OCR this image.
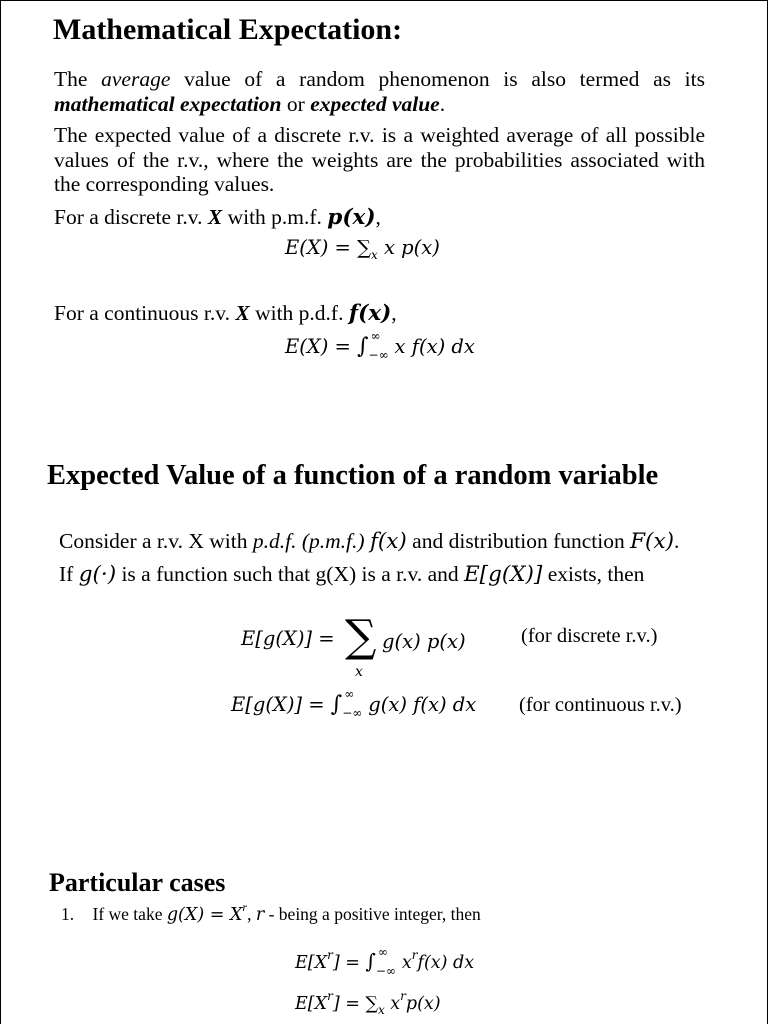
Mathematical Expectation:
The average value of a random phenomenon is also termed as its mathematical expectation or expected value.
The expected value of a discrete r.v. is a weighted average of all possible values of the r.v., where the weights are the probabilities associated with the corresponding values.
For a discrete r.v. X with p.m.f. p(x),
$E(X) = \sum_x$ x p(x)
For a continuous r.v. X with p.d.f. f(x),
E(X) = ∫ ∞
−∞ x f(x) dx
Expected Value of a function of a random variable
Consider a r.v. X with p.d.f. (p.m.f.) f(x) and distribution function F(x).
If g(·) is a function such that g(X) is a r.v. and E[g(X)] exists, then
E[g(X)] = ∑
x
g(x) p(x)	(for discrete r.v.)
E[g(X)] = ∫ ∞
−∞ g(x) f(x) dx (for continuous r.v.)
Particular cases
1. If we take $g(X) = X^r$, r - being a positive integer, then
$E[X^r]$ = ∫ ∞
−∞ $x^rf(x)$ dx
$E[X^r] = \sum_x$ $x^rp(x)$
